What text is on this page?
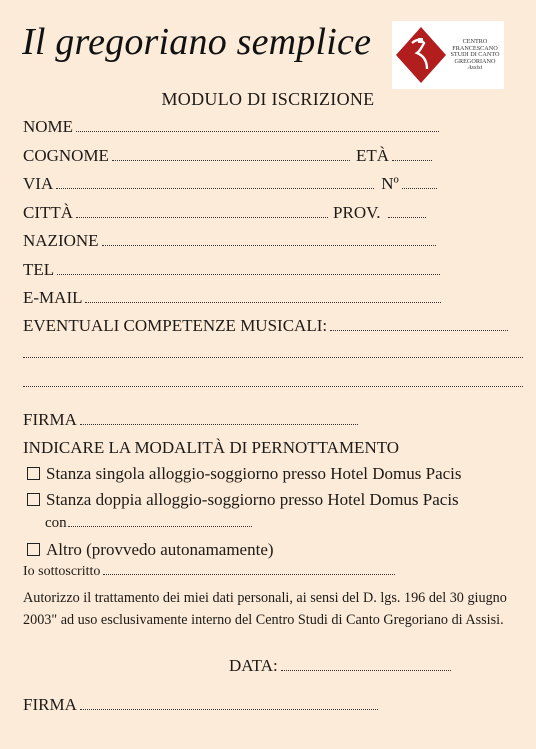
Il gregoriano semplice	CENTRO
FRANCESCANO
STUDI DI CANTO
GREGORIANO
Assisi
MODULO DI ISCRIZIONE
NOME
COGNOME	ETÀ
VIA	Nº
CITTÀ	PROV.
NAZIONE
TEL
E-MAIL
EVENTUALI COMPETENZE MUSICALI:
FIRMA
INDICARE LA MODALITÀ DI PERNOTTAMENTO
Stanza singola alloggio-soggiorno presso Hotel Domus Pacis
Stanza doppia alloggio-soggiorno presso Hotel Domus Pacis
con
Altro (provvedo autonamamente)
Io sottoscritto
Autorizzo il trattamento dei miei dati personali, ai sensi del D. lgs. 196 del 30 giugno 2003" ad uso esclusivamente interno del Centro Studi di Canto Gregoriano di Assisi.
DATA:
FIRMA
